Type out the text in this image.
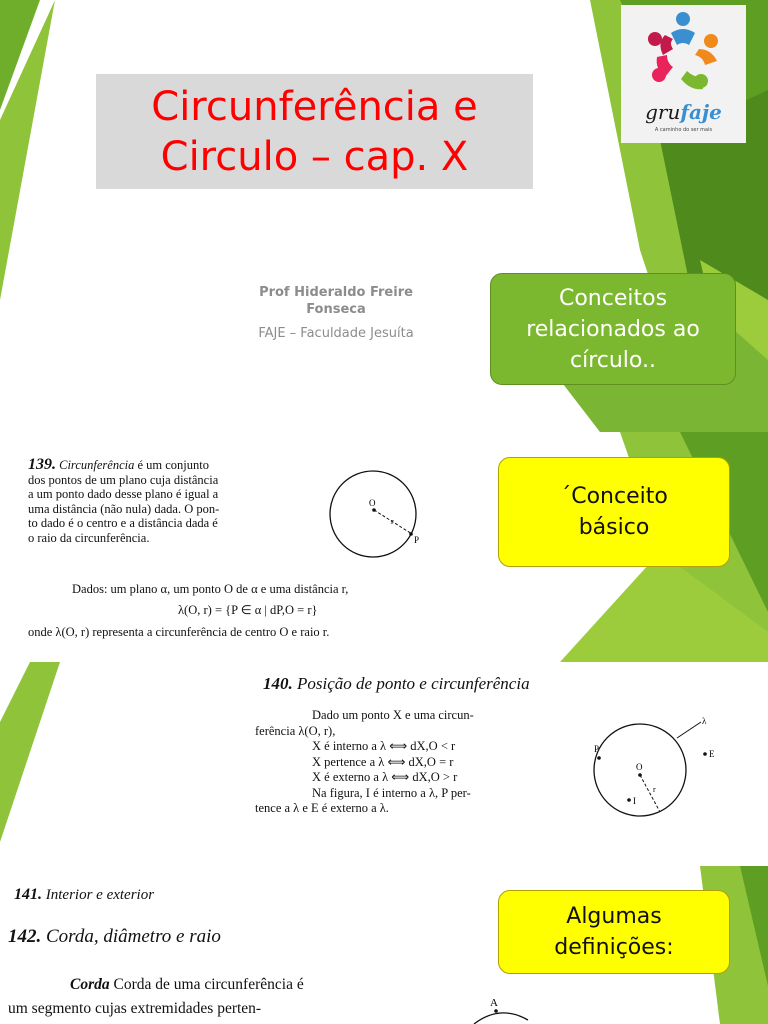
grufaje
A caminho do ser mais
Circunferência e
Circulo – cap. X
Prof Hideraldo Freire
Fonseca
FAJE – Faculdade Jesuíta
Conceitos relacionados ao círculo..

139. Circunferência é um conjunto

dos pontos de um plano cuja distância

a um ponto dado desse plano é igual a

uma distância (não nula) dada. O pon-

to dado é o centro e a distância dada é

o raio da circunferência.

O
r
P
Dados: um plano α, um ponto O de α e uma distância r,
λ(O, r) = {P ∈ α | dP,O = r}
onde λ(O, r) representa a circunferência de centro O e raio r.
´Conceito básico
140. Posição de ponto e circunferência

Dado um ponto X e uma circun-

ferência λ(O, r),

X é interno a λ ⟺ dX,O < r

X pertence a λ ⟺ dX,O = r

X é externo a λ ⟺ dX,O > r

Na figura, I é interno a λ, P per-

tence a λ e E é externo a λ.

P
λ
E
O
r
I
141. Interior e exterior
142. Corda, diâmetro e raio
Corda Corda de uma circunferência é
um segmento cujas extremidades perten-	A
Algumas definições:
